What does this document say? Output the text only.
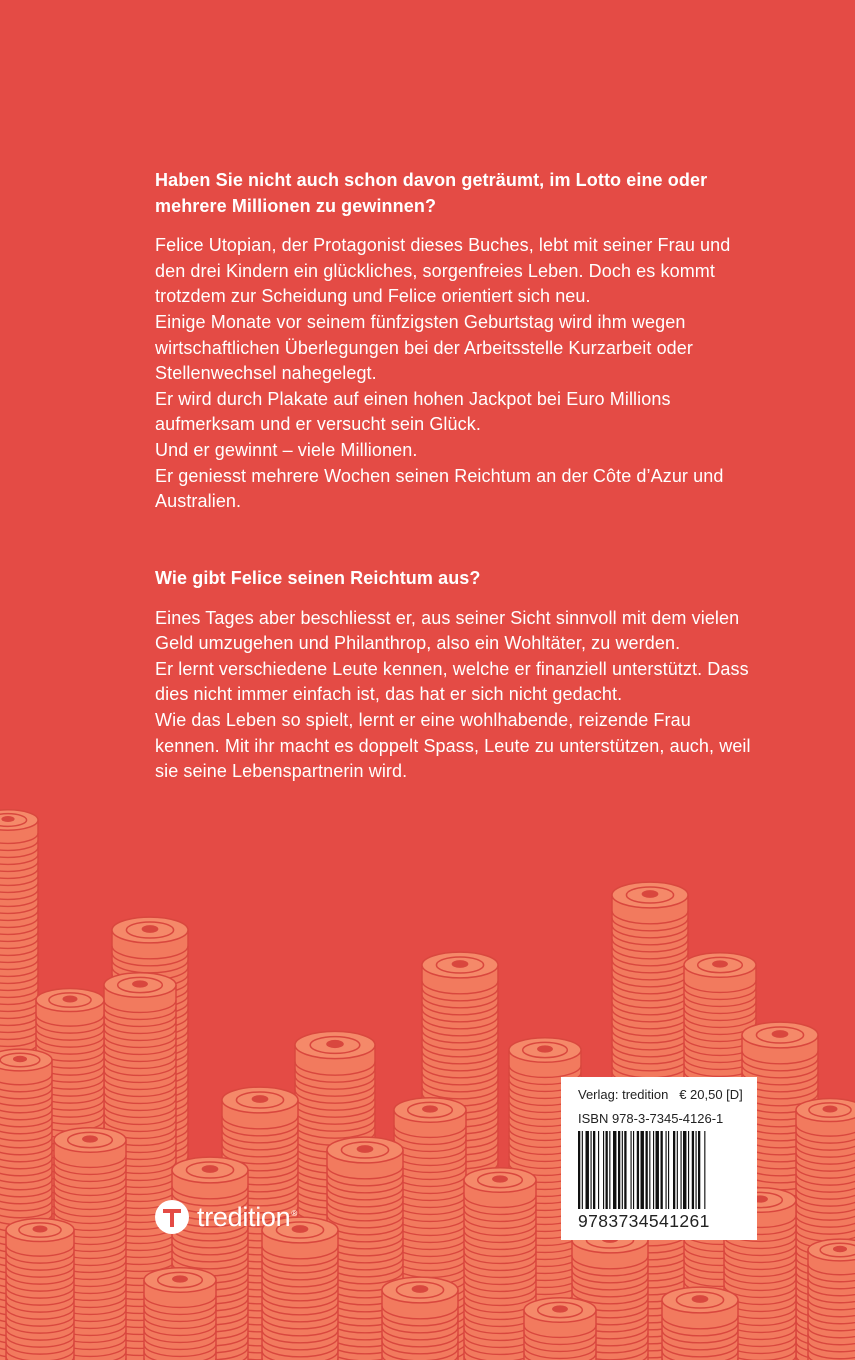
Haben Sie nicht auch schon davon geträumt, im Lotto eine oder mehrere Millionen zu gewinnen?

Felice Utopian, der Protagonist dieses Buches, lebt mit seiner Frau und den drei Kindern ein glückliches, sorgenfreies Leben. Doch es kommt trotzdem zur Scheidung und Felice orientiert sich neu.

Einige Monate vor seinem fünfzigsten Geburtstag wird ihm wegen wirtschaftlichen Überlegungen bei der Arbeitsstelle Kurzarbeit oder Stellenwechsel nahegelegt.

Er wird durch Plakate auf einen hohen Jackpot bei Euro Millions aufmerksam und er versucht sein Glück.

Und er gewinnt – viele Millionen.

Er geniesst mehrere Wochen seinen Reichtum an der Côte d’Azur und Australien.

Wie gibt Felice seinen Reichtum aus?

Eines Tages aber beschliesst er, aus seiner Sicht sinnvoll mit dem vielen Geld umzugehen und Philanthrop, also ein Wohltäter, zu werden.

Er lernt verschiedene Leute kennen, welche er finanziell unterstützt. Dass dies nicht immer einfach ist, das hat er sich nicht gedacht.

Wie das Leben so spielt, lernt er eine wohlhabende, reizende Frau kennen. Mit ihr macht es doppelt Spass, Leute zu unterstützen, auch, weil sie seine Lebenspartnerin wird.

tredition®
Verlag: tredition € 20,50 [D]
ISBN 978-3-7345-4126-1
9783734541261
